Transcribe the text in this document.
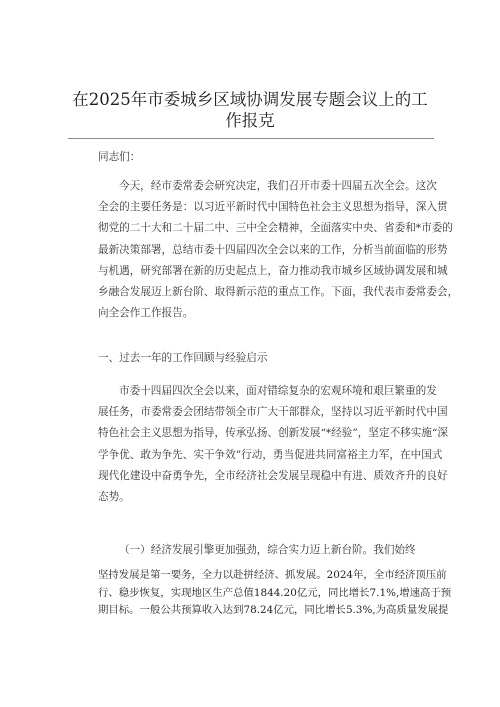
在2025年市委城乡区域协调发展专题会议上的工
作报克
同志们：
今天，经市委常委会研究决定，我们召开市委十四届五次全会。这次
全会的主要任务是：以习近平新时代中国特色社会主义思想为指导，深入贯
彻党的二十大和二十届二中、三中全会精神，全面落实中央、省委和*市委的
最新决策部署，总结市委十四届四次全会以来的工作，分析当前面临的形势
与机遇，研究部署在新的历史起点上，奋力推动我市城乡区域协调发展和城
乡融合发展迈上新台阶、取得新示范的重点工作。下面，我代表市委常委会，
向全会作工作报告。
一、过去一年的工作回顾与经验启示
市委十四届四次全会以来，面对错综复杂的宏观环境和艰巨繁重的发
展任务，市委常委会团结带领全市广大干部群众，坚持以习近平新时代中国
特色社会主义思想为指导，传承弘扬、创新发展“*经验”，坚定不移实施“深
学争优、敢为争先、实干争效”行动，勇当促进共同富裕主力军，在中国式
现代化建设中奋勇争先，全市经济社会发展呈现稳中有进、质效齐升的良好
态势。
（一）经济发展引擎更加强劲，综合实力迈上新台阶。我们始终
坚持发展是第一要务，全力以赴拼经济、抓发展。2024年，全市经济顶压前
行、稳步恢复，实现地区生产总值1844.20亿元，同比增长7.1%,增速高于预
期目标。一般公共预算收入达到78.24亿元，同比增长5.3%,为高质量发展提
